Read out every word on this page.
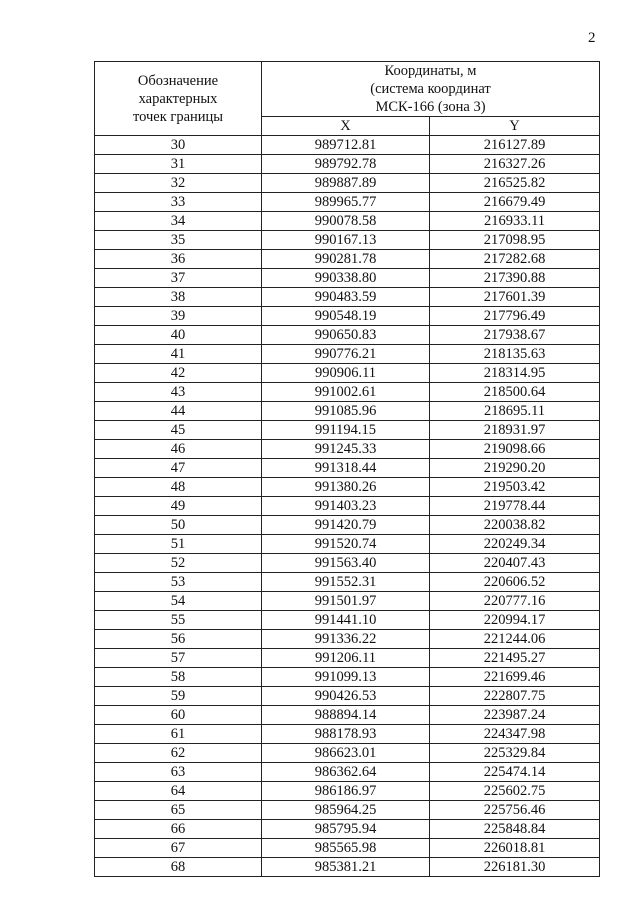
2
Обозначение
характерных
точек границы	Координаты, м
(система координат
МСК-166 (зона 3)	

	X	Y
30	989712.81	216127.89
31	989792.78	216327.26
32	989887.89	216525.82
33	989965.77	216679.49
34	990078.58	216933.11
35	990167.13	217098.95
36	990281.78	217282.68
37	990338.80	217390.88
38	990483.59	217601.39
39	990548.19	217796.49
40	990650.83	217938.67
41	990776.21	218135.63
42	990906.11	218314.95
43	991002.61	218500.64
44	991085.96	218695.11
45	991194.15	218931.97
46	991245.33	219098.66
47	991318.44	219290.20
48	991380.26	219503.42
49	991403.23	219778.44
50	991420.79	220038.82
51	991520.74	220249.34
52	991563.40	220407.43
53	991552.31	220606.52
54	991501.97	220777.16
55	991441.10	220994.17
56	991336.22	221244.06
57	991206.11	221495.27
58	991099.13	221699.46
59	990426.53	222807.75
60	988894.14	223987.24
61	988178.93	224347.98
62	986623.01	225329.84
63	986362.64	225474.14
64	986186.97	225602.75
65	985964.25	225756.46
66	985795.94	225848.84
67	985565.98	226018.81
68	985381.21	226181.30
